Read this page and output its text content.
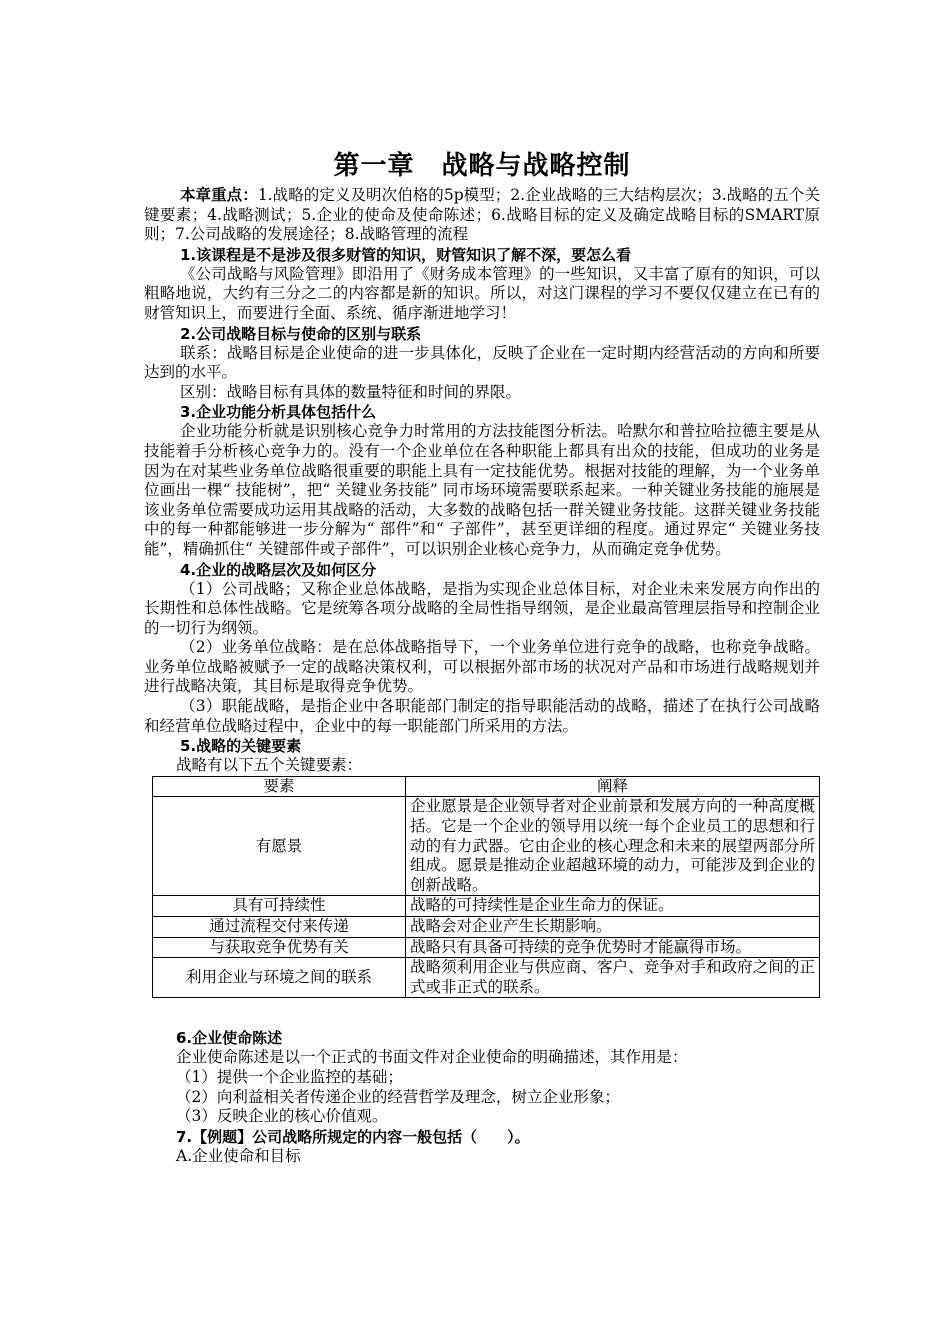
第一章　战略与战略控制

本章重点：1.战略的定义及明次伯格的5p模型；2.企业战略的三大结构层次；3.战略的五个关键要素；4.战略测试；5.企业的使命及使命陈述；6.战略目标的定义及确定战略目标的SMART原则；7.公司战略的发展途径；8.战略管理的流程

1.该课程是不是涉及很多财管的知识，财管知识了解不深，要怎么看

《公司战略与风险管理》即沿用了《财务成本管理》的一些知识，又丰富了原有的知识，可以粗略地说，大约有三分之二的内容都是新的知识。所以，对这门课程的学习不要仅仅建立在已有的财管知识上，而要进行全面、系统、循序渐进地学习！

2.公司战略目标与使命的区别与联系

联系：战略目标是企业使命的进一步具体化，反映了企业在一定时期内经营活动的方向和所要达到的水平。

区别：战略目标有具体的数量特征和时间的界限。

3.企业功能分析具体包括什么

企业功能分析就是识别核心竞争力时常用的方法技能图分析法。哈默尔和普拉哈拉德主要是从技能着手分析核心竞争力的。没有一个企业单位在各种职能上都具有出众的技能，但成功的业务是因为在对某些业务单位战略很重要的职能上具有一定技能优势。根据对技能的理解，为一个业务单位画出一棵“ 技能树”，把“ 关键业务技能” 同市场环境需要联系起来。一种关键业务技能的施展是该业务单位需要成功运用其战略的活动，大多数的战略包括一群关键业务技能。这群关键业务技能中的每一种都能够进一步分解为“ 部件”和“ 子部件”，甚至更详细的程度。通过界定“ 关键业务技能”，精确抓住“ 关键部件或子部件”，可以识别企业核心竞争力，从而确定竞争优势。

4.企业的战略层次及如何区分

（1）公司战略；又称企业总体战略，是指为实现企业总体目标，对企业未来发展方向作出的长期性和总体性战略。它是统筹各项分战略的全局性指导纲领，是企业最高管理层指导和控制企业的一切行为纲领。

（2）业务单位战略：是在总体战略指导下，一个业务单位进行竞争的战略，也称竞争战略。业务单位战略被赋予一定的战略决策权利，可以根据外部市场的状况对产品和市场进行战略规划并进行战略决策，其目标是取得竞争优势。

（3）职能战略，是指企业中各职能部门制定的指导职能活动的战略，描述了在执行公司战略和经营单位战略过程中，企业中的每一职能部门所采用的方法。

5.战略的关键要素

战略有以下五个关键要素：

要素	阐释
有愿景	企业愿景是企业领导者对企业前景和发展方向的一种高度概括。它是一个企业的领导用以统一每个企业员工的思想和行动的有力武器。它由企业的核心理念和未来的展望两部分所组成。愿景是推动企业超越环境的动力，可能涉及到企业的创新战略。
具有可持续性	战略的可持续性是企业生命力的保证。
通过流程交付来传递	战略会对企业产生长期影响。
与获取竞争优势有关	战略只有具备可持续的竞争优势时才能赢得市场。
利用企业与环境之间的联系	战略须利用企业与供应商、客户、竞争对手和政府之间的正式或非正式的联系。

6.企业使命陈述

企业使命陈述是以一个正式的书面文件对企业使命的明确描述，其作用是：

（1）提供一个企业监控的基础；

（2）向利益相关者传递企业的经营哲学及理念，树立企业形象；

（3）反映企业的核心价值观。

7.【例题】公司战略所规定的内容一般包括（　　）。

A.企业使命和目标
